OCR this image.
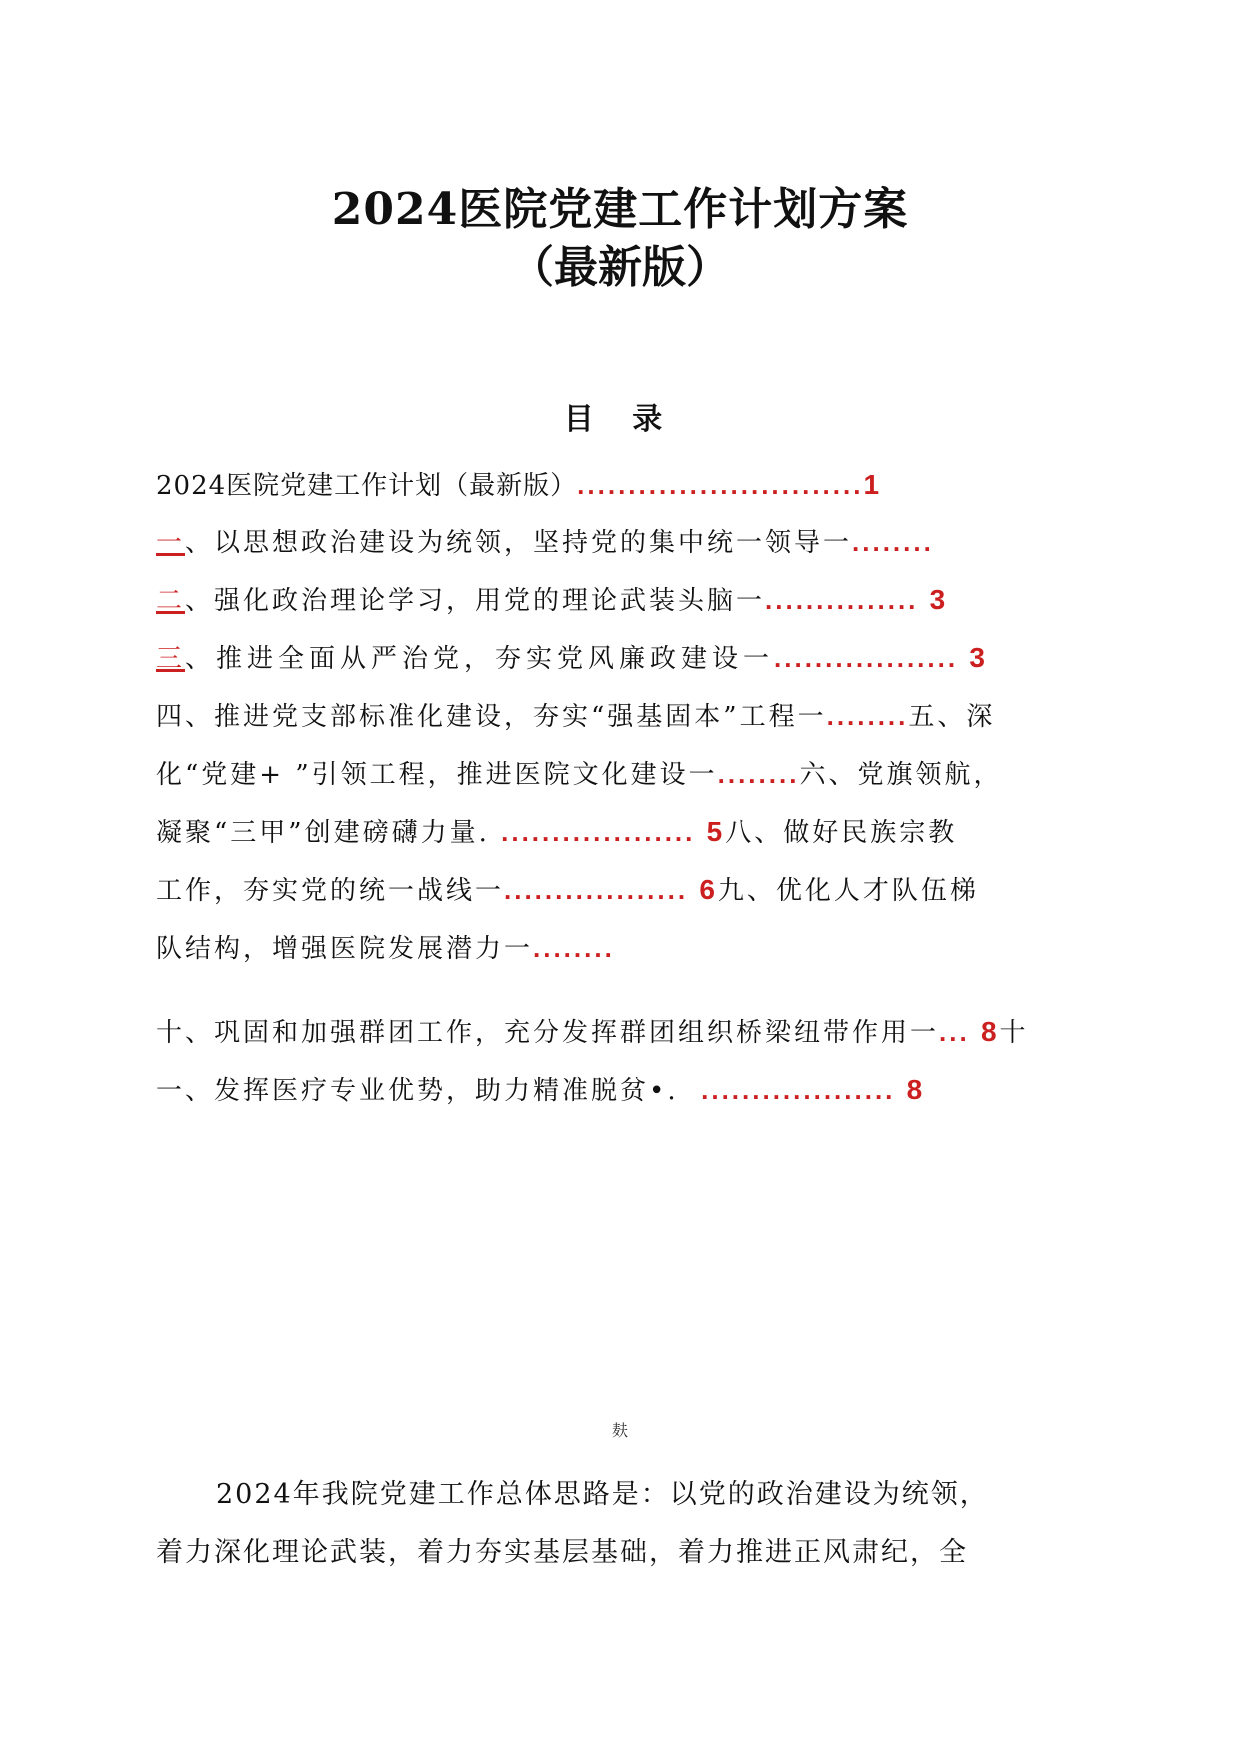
2024医院党建工作计划方案
（最新版）
目 录
2024医院党建工作计划（最新版）............................1
一、以思想政治建设为统领，坚持党的集中统一领导一........
二、强化政治理论学习，用党的理论武装头脑一............... 3
三、推进全面从严治党，夯实党风廉政建设一.................. 3
四、推进党支部标准化建设，夯实“强基固本”工程一........五、深
化“党建+ ”引领工程，推进医院文化建设一........六、党旗领航，
凝聚“三甲”创建磅礴力量. ................... 5八、做好民族宗教
工作，夯实党的统一战线一.................. 6九、优化人才队伍梯
队结构，增强医院发展潜力一........
十、巩固和加强群团工作，充分发挥群团组织桥梁纽带作用一... 8十
一、发挥医疗专业优势，助力精准脱贫•. ................... 8
麸
2024年我院党建工作总体思路是：以党的政治建设为统领，
着力深化理论武装，着力夯实基层基础，着力推进正风肃纪，全
